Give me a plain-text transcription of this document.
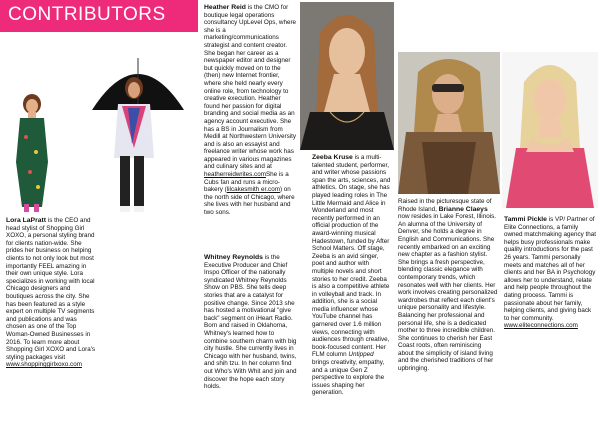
CONTRIBUTORS
Lora LaPratt is the CEO and head stylist of Shopping Girl XOXO, a personal styling brand for clients nation-wide. She prides her business on helping clients to not only look but most importantly FEEL amazing in their own unique style. Lora specializes in working with local Chicago designers and boutiques across the city. She has been featured as a style expert on multiple TV segments and publications and was chosen as one of the Top Woman-Owned Businesses in 2016. To learn more about Shopping Girl XOXO and Lora's styling packages visit www.shoppinggirlxoxo.com
Heather Reid is the CMO for boutique legal operations consultancy UpLevel Ops, where she is a marketing/communications strategist and content creator. She began her career as a newspaper editor and designer but quickly moved on to the (then) new Internet frontier, where she held nearly every online role, from technology to creative execution. Heather found her passion for digital branding and social media as an agency account executive. She has a BS in Journalism from Medill at Northwestern University and is also an essayist and freelance writer whose work has appeared in various magazines and culinary sites and at heatherreidwrites.comShe is a Cubs fan and runs a micro-bakery (lilcakesmith er.com) on the north side of Chicago, where she lives with her husband and two sons.
Whitney Reynolds is the Executive Producer and Chief Inspo Officer of the nationally syndicated Whitney Reynolds Show on PBS. She tells deep stories that are a catalyst for positive change. Since 2013 she has hosted a motivational "give back" segment on iHeart Radio. Born and raised in Oklahoma, Whitney's learned how to combine southern charm with big city hustle. She currently lives in Chicago with her husband, twins, and shih tzu. In her column find out Who's With Whit and join and discover the hope each story holds.
Zeeba Kruse is a multi-talented student, performer, and writer whose passions span the arts, sciences, and athletics. On stage, she has played leading roles in The Little Mermaid and Alice in Wonderland and most recently performed in an official production of the award-winning musical Hadestown, funded by After School Matters. Off stage, Zeeba is an avid singer, poet and author with multiple novels and short stories to her credit. Zeeba is also a competitive athlete in volleyball and track. In addition, she is a social media influencer whose YouTube channel has garnered over 1.6 million views, connecting with audiences through creative, book-focused content. Her FLM column Untipped brings creativity, empathy, and a unique Gen Z perspective to explore the issues shaping her generation.
Raised in the picturesque state of Rhode Island, Brianne Claeys now resides in Lake Forest, Illinois. An alumna of the University of Denver, she holds a degree in English and Communications. She recently embarked on an exciting new chapter as a fashion stylist. She brings a fresh perspective, blending classic elegance with contemporary trends, which resonates well with her clients. Her work involves creating personalized wardrobes that reflect each client's unique personality and lifestyle. Balancing her professional and personal life, she is a dedicated mother to three incredible children. She continues to cherish her East Coast roots, often reminiscing about the simplicity of island living and the cherished traditions of her upbringing.
Tammi Pickle is VP/ Partner of Elite Connections, a family owned matchmaking agency that helps busy professionals make quality introductions for the past 26 years. Tammi personally meets and matches all of her clients and her BA in Psychology allows her to understand, relate and help people throughout the dating process. Tammi is passionate about her family, helping clients, and giving back to her community. www.eliteconnections.com
